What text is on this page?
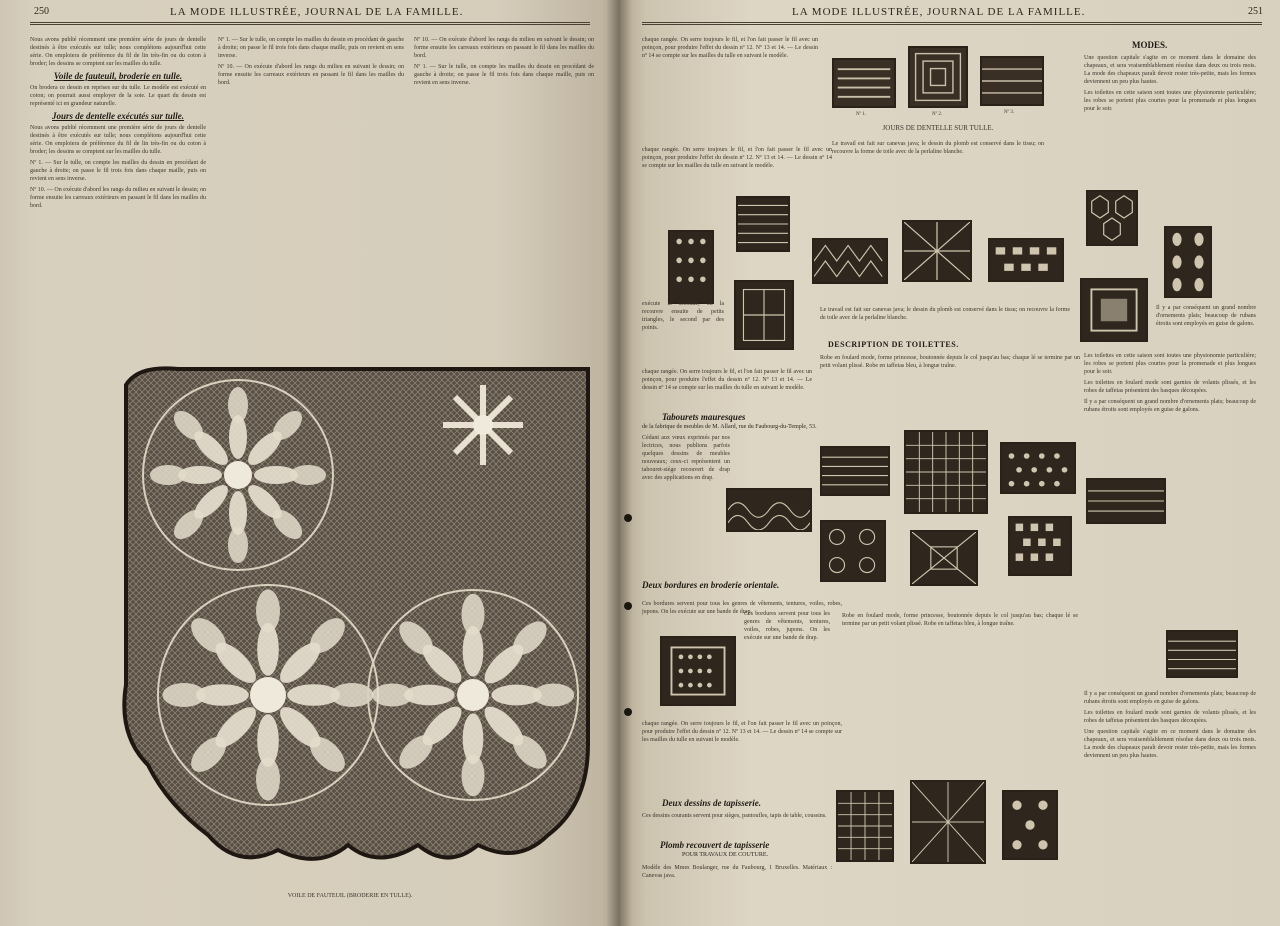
250	LA MODE ILLUSTRÉE, JOURNAL DE LA FAMILLE.

Nous avons publié récemment une première série de jours de dentelle destinés à être exécutés sur tulle; nous complétons aujourd'hui cette série. On emploiera de préférence du fil de lin très-fin ou du coton à broder; les dessins se comptent sur les mailles du tulle.

Voile de fauteuil, broderie en tulle.

On brodera ce dessin en reprises sur du tulle. Le modèle est exécuté en coton; on pourrait aussi employer de la soie. Le quart du dessin est représenté ici en grandeur naturelle.

Jours de dentelle exécutés sur tulle.

Nous avons publié récemment une première série de jours de dentelle destinés à être exécutés sur tulle; nous complétons aujourd'hui cette série. On emploiera de préférence du fil de lin très-fin ou du coton à broder; les dessins se comptent sur les mailles du tulle.

Nº 1. — Sur le tulle, on compte les mailles du dessin en procédant de gauche à droite; on passe le fil trois fois dans chaque maille, puis on revient en sens inverse.

Nº 10. — On exécute d'abord les rangs du milieu en suivant le dessin; on forme ensuite les carreaux extérieurs en passant le fil dans les mailles du bord.

Nº 1. — Sur le tulle, on compte les mailles du dessin en procédant de gauche à droite; on passe le fil trois fois dans chaque maille, puis on revient en sens inverse.

Nº 10. — On exécute d'abord les rangs du milieu en suivant le dessin; on forme ensuite les carreaux extérieurs en passant le fil dans les mailles du bord.

Nº 10. — On exécute d'abord les rangs du milieu en suivant le dessin; on forme ensuite les carreaux extérieurs en passant le fil dans les mailles du bord.

Nº 1. — Sur le tulle, on compte les mailles du dessin en procédant de gauche à droite; on passe le fil trois fois dans chaque maille, puis on revient en sens inverse.

VOILE DE FAUTEUIL (BRODERIE EN TULLE).
LA MODE ILLUSTRÉE, JOURNAL DE LA FAMILLE.	251

chaque rangée. On serre toujours le fil, et l'on fait passer le fil avec un poinçon, pour produire l'effet du dessin nº 12. Nº 13 et 14. — Le dessin nº 14 se compte sur les mailles du tulle en suivant le modèle.

chaque rangée. On serre toujours le fil, et l'on fait passer le fil avec un poinçon, pour produire l'effet du dessin nº 12. Nº 13 et 14. — Le dessin nº 14 se compte sur les mailles du tulle en suivant le modèle.

Nº 1.	Nº 2.	Nº 3.
JOURS DE DENTELLE SUR TULLE.

Le travail est fait sur canevas java; le dessin du plomb est conservé dans le tissu; on recouvre la forme de toile avec de la perlaline blanche.

exécute la seconde, on la recouvre ensuite de petits triangles, le second par des points.

Le travail est fait sur canevas java; le dessin du plomb est conservé dans le tissu; on recouvre la forme de toile avec de la perlaline blanche.

DESCRIPTION DE TOILETTES.

Robe en foulard mode, forme princesse, boutonnée depuis le col jusqu'au bas; chaque lé se termine par un petit volant plissé. Robe en taffetas bleu, à longue traîne.

chaque rangée. On serre toujours le fil, et l'on fait passer le fil avec un poinçon, pour produire l'effet du dessin nº 12. Nº 13 et 14. — Le dessin nº 14 se compte sur les mailles du tulle en suivant le modèle.

Tabourets mauresques
de la fabrique de meubles de M. Allard, rue du Faubourg-du-Temple, 53.

Cédant aux vœux exprimés par nos lectrices, nous publions parfois quelques dessins de meubles nouveaux; ceux-ci représentent un tabouret-siége recouvert de drap avec des applications en drap.

Deux bordures en broderie orientale.

Ces bordures servent pour tous les genres de vêtements, tentures, voiles, robes, jupons. On les exécute sur une bande de drap.

Ces bordures servent pour tous les genres de vêtements, tentures, voiles, robes, jupons. On les exécute sur une bande de drap.

Robe en foulard mode, forme princesse, boutonnée depuis le col jusqu'au bas; chaque lé se termine par un petit volant plissé. Robe en taffetas bleu, à longue traîne.

chaque rangée. On serre toujours le fil, et l'on fait passer le fil avec un poinçon, pour produire l'effet du dessin nº 12. Nº 13 et 14. — Le dessin nº 14 se compte sur les mailles du tulle en suivant le modèle.

Deux dessins de tapisserie.

Ces dessins courants servent pour sièges, pantoufles, tapis de table, coussins.

Plomb recouvert de tapisserie
POUR TRAVAUX DE COUTURE.

Modèle des Mmes Boulanger, rue du Faubourg, 1 Bruxelles. Matériaux : Canevas java.

MODES.

Une question capitale s'agite en ce moment dans le domaine des chapeaux, et sera vraisemblablement résolue dans deux ou trois mois. La mode des chapeaux paraît devoir rester très-petite, mais les formes deviennent un peu plus hautes.

Les toilettes en cette saison sont toutes une physionomie particulière; les robes se portent plus courtes pour la promenade et plus longues pour le soir.

Il y a par conséquent un grand nombre d'ornements plats; beaucoup de rubans étroits sont employés en guise de galons.

Les toilettes en cette saison sont toutes une physionomie particulière; les robes se portent plus courtes pour la promenade et plus longues pour le soir.

Les toilettes en foulard mode sont garnies de volants plissés, et les robes de taffetas présentent des basques découpées.

Il y a par conséquent un grand nombre d'ornements plats; beaucoup de rubans étroits sont employés en guise de galons.

Il y a par conséquent un grand nombre d'ornements plats; beaucoup de rubans étroits sont employés en guise de galons.

Les toilettes en foulard mode sont garnies de volants plissés, et les robes de taffetas présentent des basques découpées.

Une question capitale s'agite en ce moment dans le domaine des chapeaux, et sera vraisemblablement résolue dans deux ou trois mois. La mode des chapeaux paraît devoir rester très-petite, mais les formes deviennent un peu plus hautes.
